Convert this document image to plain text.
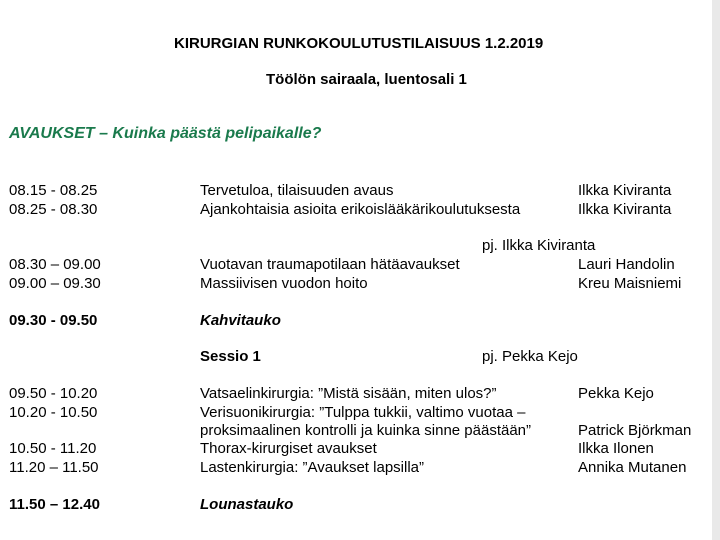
KIRURGIAN RUNKOKOULUTUSTILAISUUS 1.2.2019
Töölön sairaala, luentosali 1
AVAUKSET – Kuinka päästä pelipaikalle?
08.15 - 08.25	Tervetuloa, tilaisuuden avaus	Ilkka Kiviranta
08.25 - 08.30	Ajankohtaisia asioita erikoislääkärikoulutuksesta	Ilkka Kiviranta
pj. Ilkka Kiviranta
08.30 – 09.00	Vuotavan traumapotilaan hätäavaukset	Lauri Handolin
09.00 – 09.30	Massiivisen vuodon hoito	Kreu Maisniemi
09.30 - 09.50	Kahvitauko
Sessio 1	pj. Pekka Kejo
09.50 - 10.20	Vatsaelinkirurgia: ”Mistä sisään, miten ulos?”	Pekka Kejo
10.20 - 10.50	Verisuonikirurgia: ”Tulppa tukkii, valtimo vuotaa –
proksimaalinen kontrolli ja kuinka sinne päästään”	Patrick Björkman
10.50 - 11.20	Thorax-kirurgiset avaukset	Ilkka Ilonen
11.20 – 11.50	Lastenkirurgia: ”Avaukset lapsilla”	Annika Mutanen
11.50 – 12.40	Lounastauko
